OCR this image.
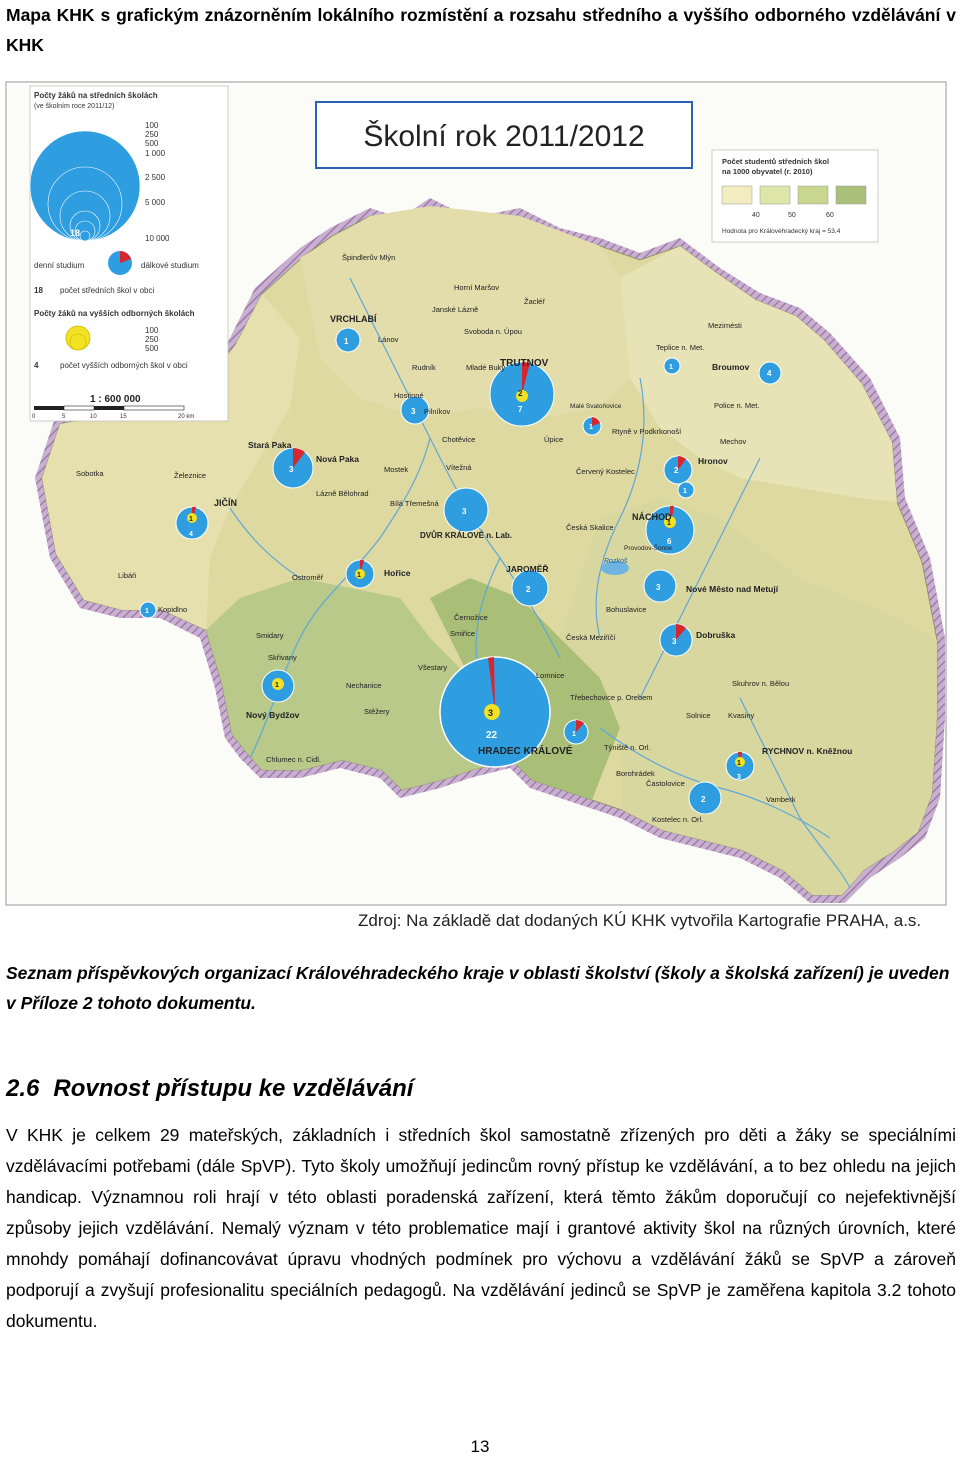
Mapa KHK s grafickým znázorněním lokálního rozmístění a rozsahu středního a vyššího odborného vzdělávání v KHK
Rozkoš
Počty žáků na středních školách
(ve školním roce 2011/12)
18
100
250
500
1 000
2 500
5 000
10 000
denní studium	dálkové studium
18 počet středních škol v obci
Počty žáků na vyšších odborných školách
100
250
500
4	počet vyšších odborných škol v obci
1 : 600 000
0	5	10	15	20 km
Školní rok 2011/2012
Počet studentů středních škol na 1000 obyvatel (r. 2010)
40	50	60
Hodnota pro Královéhradecký kraj = 53,4
1
2
7
4
1
3
1
3	2
1
1
4
3
1
6
1
2	3
1
3
1
3
22	1
1
3
2
Špindlerův Mlýn
VRCHLABÍ
Horní Maršov
Janské Lázně
Žacléř
Svoboda n. Úpou
Lánov
Rudník	Mladé Buky
TRUTNOV
Mezimésti
Teplice n. Met.
Broumov
Hostinné
Pilníkov
Malé Svatoňovice
Úpice
Rtyně v Podkrkonoší
Police n. Met.
Mechov
Stará Paka
Nová Paka
Chotěvice
Mostek	Vítežná	Červený Kostelec
Hronov
Sobotka	Železnice
Lázně Bělohrad
Bílá Třemešná
JIČÍN
DVŮR KRÁLOVÉ n. Lab.
Česká Skalice
NÁCHOD
Provodov-Šonov
Libáň	Ostroměř	Hořice	JAROMĚŘ
Nové Město nad Metují
Kopidlno
Černožice
Smiřice
Bohuslavice
Smidary
Skřivany
Česká Meziříčí	Dobruška
Nechanice
Všestary
Lomnice
Třebechovice p. Orebem
Skuhrov n. Bělou
Nový Bydžov	Stěžery
HRADEC KRÁLOVÉ
Solnice Kvasiny
Chlumec n. Cidl.
Týniště n. Orl.	RYCHNOV n. Kněžnou
Borohrádek
Častolovice
Vamberk
Kostelec n. Orl.
Zdroj: Na základě dat dodaných KÚ KHK vytvořila Kartografie PRAHA, a.s.
Seznam příspěvkových organizací Královéhradeckého kraje v oblasti školství (školy a školská zařízení) je uveden v Příloze 2 tohoto dokumentu.
2.6 Rovnost přístupu ke vzdělávání
V KHK je celkem 29 mateřských, základních i středních škol samostatně zřízených pro děti a žáky se speciálními vzdělávacími potřebami (dále SpVP). Tyto školy umožňují jedincům rovný přístup ke vzdělávání, a to bez ohledu na jejich handicap. Významnou roli hrají v této oblasti poradenská zařízení, která těmto žákům doporučují co nejefektivnější způsoby jejich vzdělávání. Nemalý význam v této problematice mají i grantové aktivity škol na různých úrovních, které mnohdy pomáhají dofinancovávat úpravu vhodných podmínek pro výchovu a vzdělávání žáků se SpVP a zároveň podporují a zvyšují profesionalitu speciálních pedagogů. Na vzdělávání jedinců se SpVP je zaměřena kapitola 3.2 tohoto dokumentu.
13
